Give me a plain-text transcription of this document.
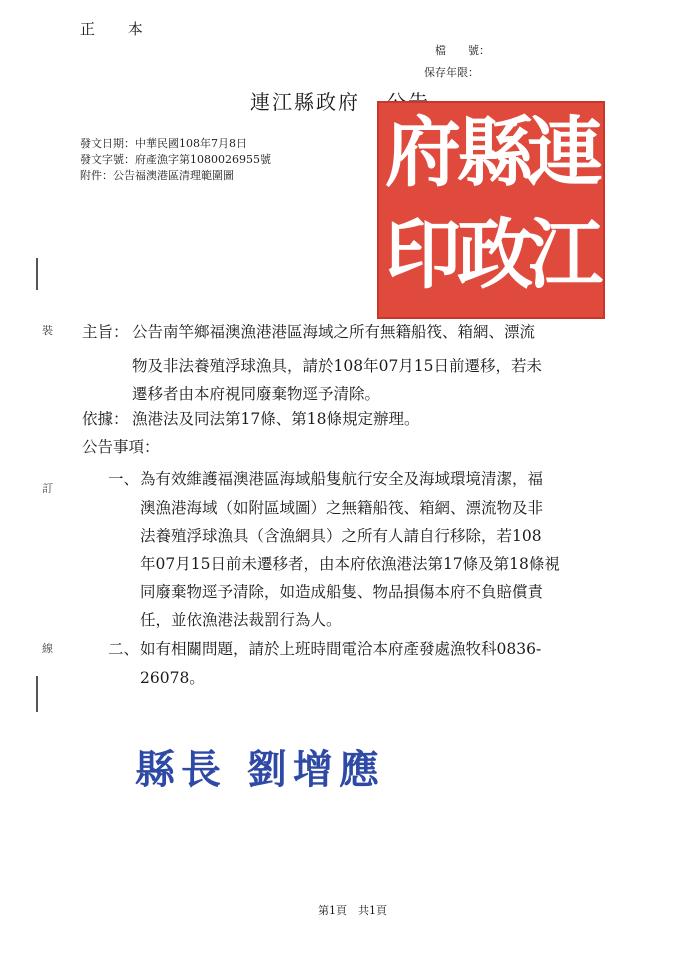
正 本
檔　　號：
保存年限：
連江縣政府
發文日期：中華民國108年7月8日
發文字號：府產漁字第1080026955號
附件：公告福澳港區清理範圍圖	連
縣
府
江
政
印
裝
訂
線
主旨： 公告南竿鄉福澳漁港港區海域之所有無籍船筏、箱網、漂流
物及非法養殖浮球漁具，請於108年07月15日前遷移，若未
遷移者由本府視同廢棄物逕予清除。
依據： 漁港法及同法第17條、第18條規定辦理。
公告事項：
一、 為有效維護福澳港區海域船隻航行安全及海域環境清潔，福
澳漁港海域（如附區域圖）之無籍船筏、箱網、漂流物及非
法養殖浮球漁具（含漁網具）之所有人請自行移除，若108
年07月15日前未遷移者，由本府依漁港法第17條及第18條視
同廢棄物逕予清除，如造成船隻、物品損傷本府不負賠償責
任，並依漁港法裁罰行為人。
二、 如有相關問題，請於上班時間電洽本府產發處漁牧科0836-
26078。
縣長 劉增應
第1頁　共1頁
